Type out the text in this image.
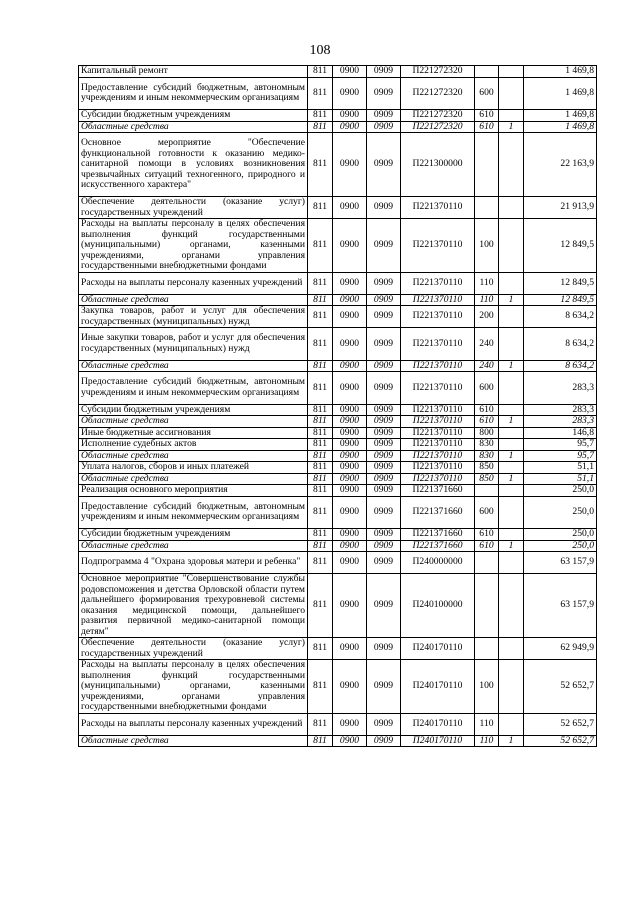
108
Капитальный ремонт	811	0900	0909	П221272320			1 469,8
Предоставление субсидий бюджетным, автономным учреждениям и иным некоммерческим организациям	811	0900	0909	П221272320	600		1 469,8
Субсидии бюджетным учреждениям	811	0900	0909	П221272320	610		1 469,8
Областные средства	811	0900	0909	П221272320	610	1	1 469,8
Основное мероприятие "Обеспечение функциональной готовности к оказанию медико-санитарной помощи в условиях возникновения чрезвычайных ситуаций техногенного, природного и искусственного характера"	811	0900	0909	П221300000			22 163,9
Обеспечение деятельности (оказание услуг) государственных учреждений	811	0900	0909	П221370110			21 913,9
Расходы на выплаты персоналу в целях обеспечения выполнения функций государственными (муниципальными) органами, казенными учреждениями, органами управления государственными внебюджетными фондами	811	0900	0909	П221370110	100		12 849,5
Расходы на выплаты персоналу казенных учреждений	811	0900	0909	П221370110	110		12 849,5
Областные средства	811	0900	0909	П221370110	110	1	12 849,5
Закупка товаров, работ и услуг для обеспечения государственных (муниципальных) нужд	811	0900	0909	П221370110	200		8 634,2
Иные закупки товаров, работ и услуг для обеспечения государственных (муниципальных) нужд	811	0900	0909	П221370110	240		8 634,2
Областные средства	811	0900	0909	П221370110	240	1	8 634,2
Предоставление субсидий бюджетным, автономным учреждениям и иным некоммерческим организациям	811	0900	0909	П221370110	600		283,3
Субсидии бюджетным учреждениям	811	0900	0909	П221370110	610		283,3
Областные средства	811	0900	0909	П221370110	610	1	283,3
Иные бюджетные ассигнования	811	0900	0909	П221370110	800		146,8
Исполнение судебных актов	811	0900	0909	П221370110	830		95,7
Областные средства	811	0900	0909	П221370110	830	1	95,7
Уплата налогов, сборов и иных платежей	811	0900	0909	П221370110	850		51,1
Областные средства	811	0900	0909	П221370110	850	1	51,1
Реализация основного мероприятия	811	0900	0909	П221371660			250,0
Предоставление субсидий бюджетным, автономным учреждениям и иным некоммерческим организациям	811	0900	0909	П221371660	600		250,0
Субсидии бюджетным учреждениям	811	0900	0909	П221371660	610		250,0
Областные средства	811	0900	0909	П221371660	610	1	250,0
Подпрограмма 4 "Охрана здоровья матери и ребенка"	811	0900	0909	П240000000			63 157,9
Основное мероприятие "Совершенствование службы родовспоможения и детства Орловской области путем дальнейшего формирования трехуровневой системы оказания медицинской помощи, дальнейшего развития первичной медико-санитарной помощи детям"	811	0900	0909	П240100000			63 157,9
Обеспечение деятельности (оказание услуг) государственных учреждений	811	0900	0909	П240170110			62 949,9
Расходы на выплаты персоналу в целях обеспечения выполнения функций государственными (муниципальными) органами, казенными учреждениями, органами управления государственными внебюджетными фондами	811	0900	0909	П240170110	100		52 652,7
Расходы на выплаты персоналу казенных учреждений	811	0900	0909	П240170110	110		52 652,7
Областные средства	811	0900	0909	П240170110	110	1	52 652,7
